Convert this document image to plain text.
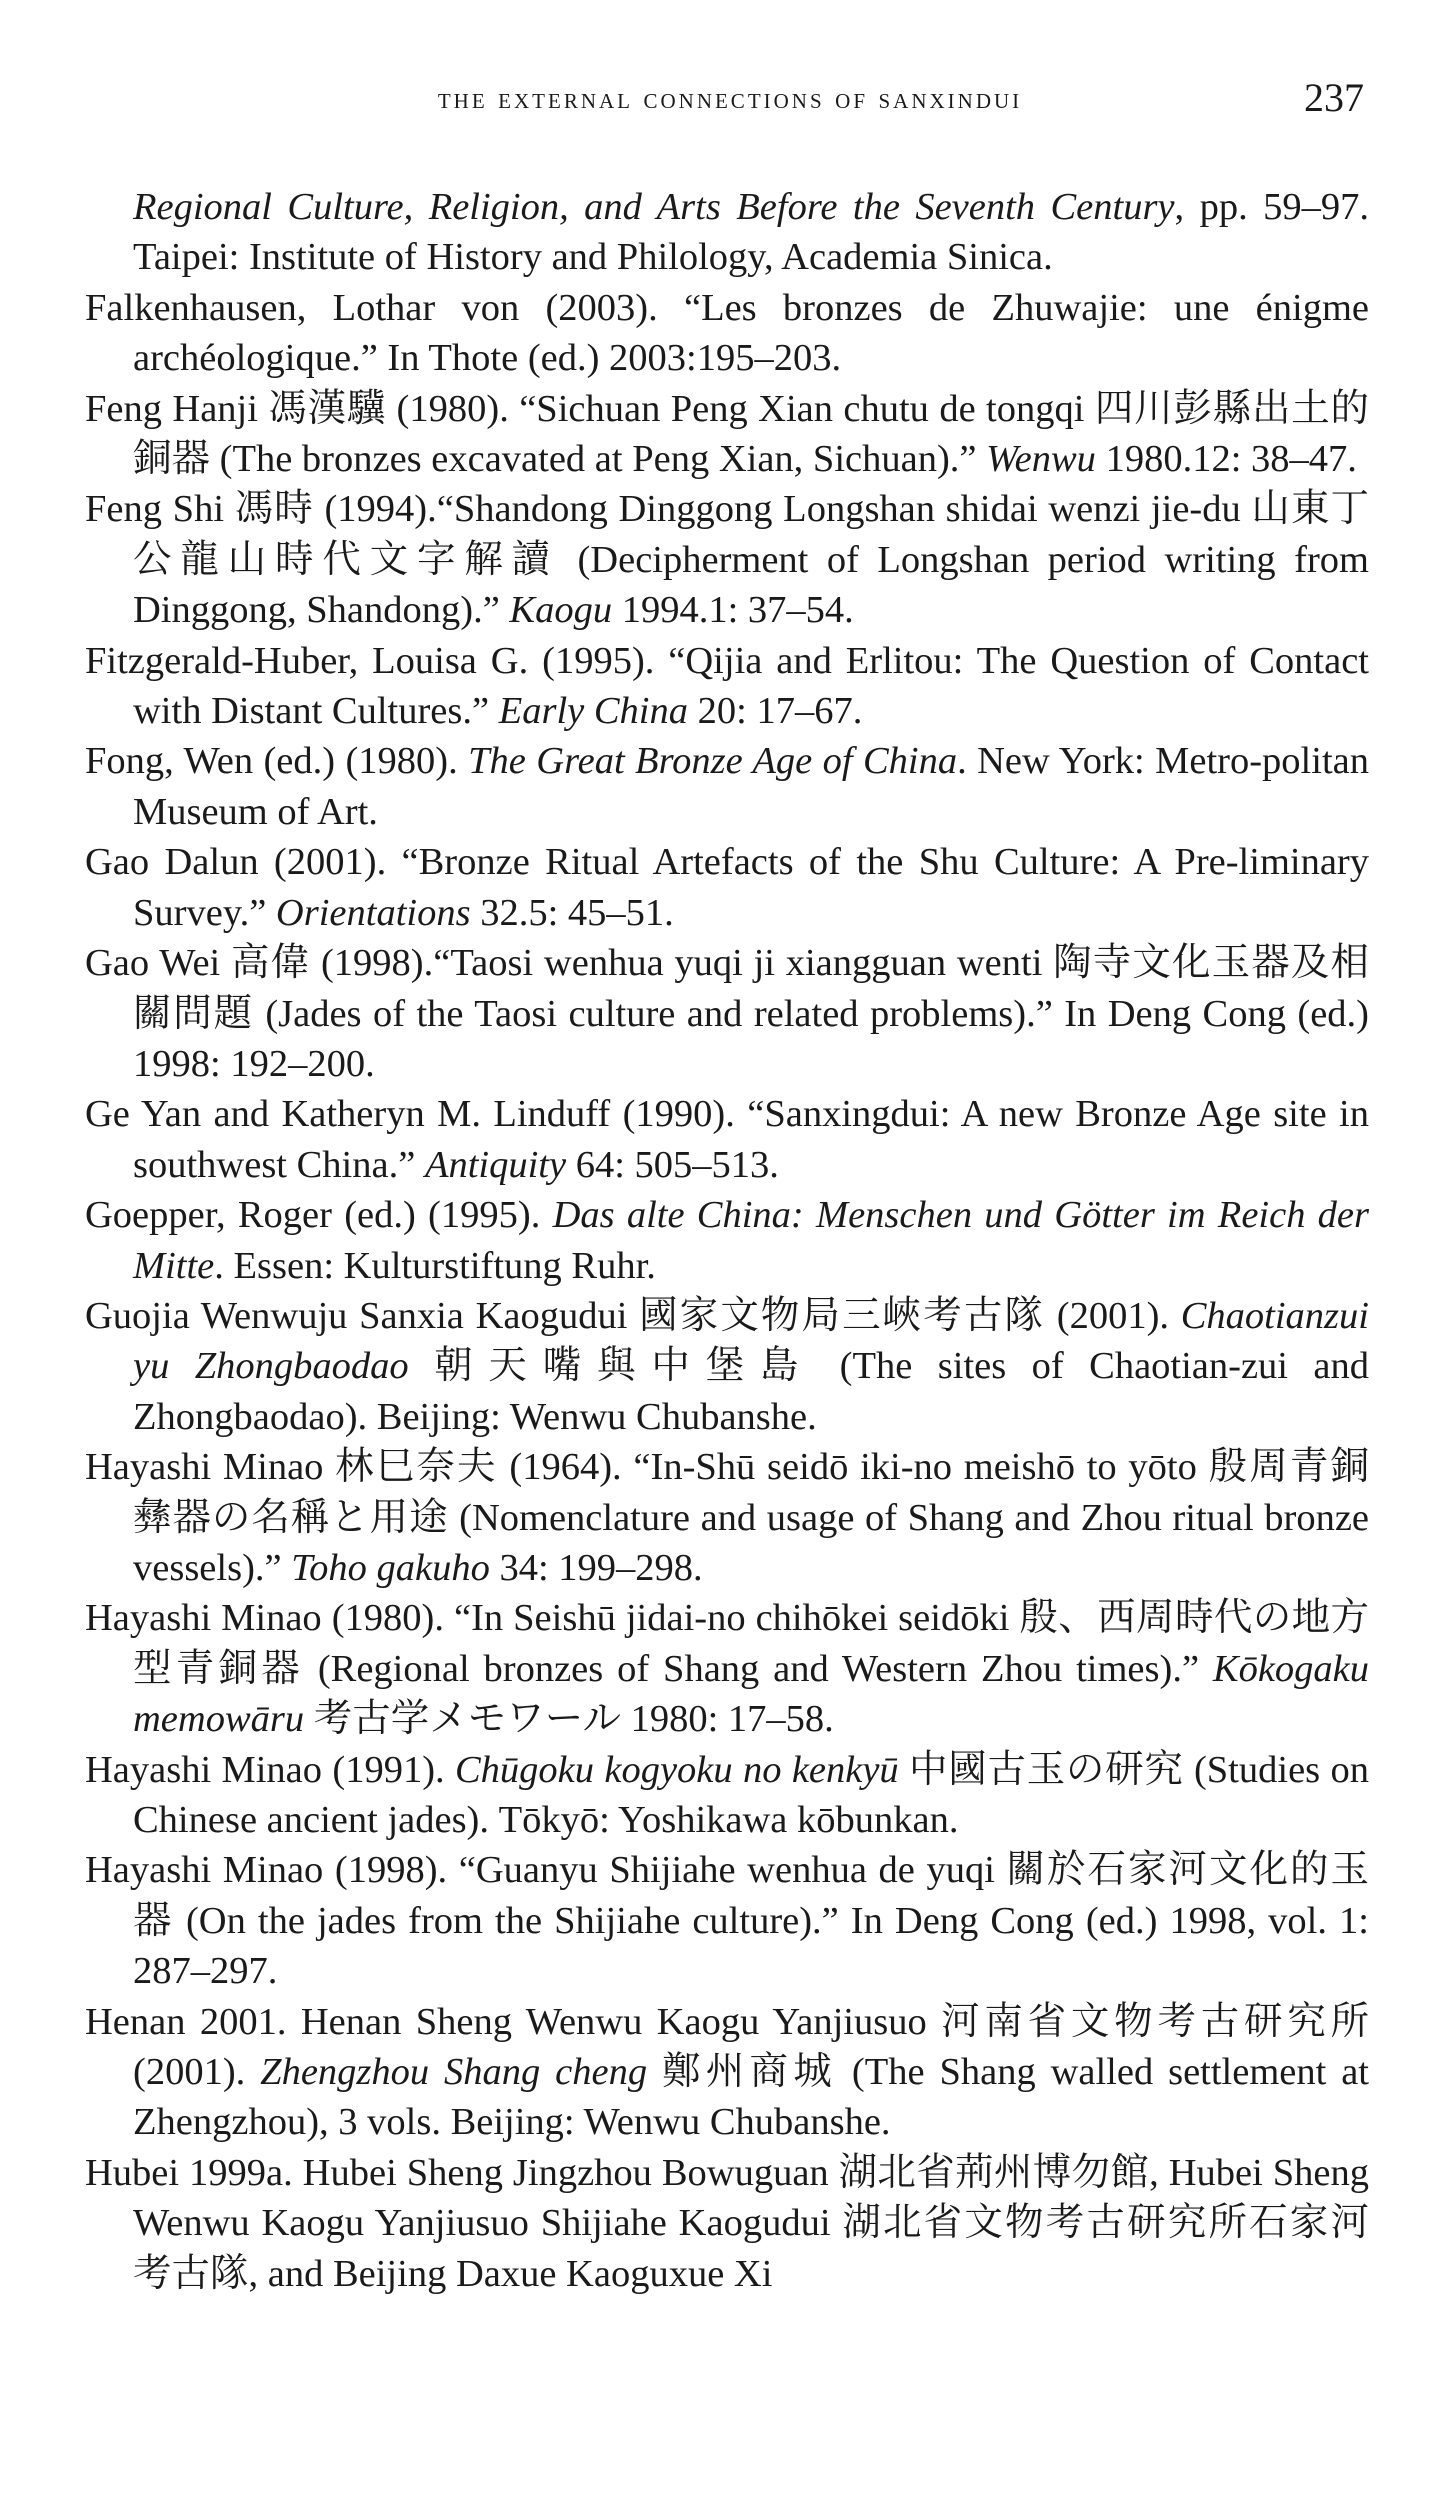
the external connections of sanxindui	237
Regional Culture, Religion, and Arts Before the Seventh Century, pp. 59–97. Taipei: Institute of History and Philology, Academia Sinica.
Falkenhausen, Lothar von (2003). “Les bronzes de Zhuwajie: une énigme archéologique.” In Thote (ed.) 2003:195–203.
Feng Hanji 馮漢驥 (1980). “Sichuan Peng Xian chutu de tongqi 四川彭縣出土的銅器 (The bronzes excavated at Peng Xian, Sichuan).” Wenwu 1980.12: 38–47.
Feng Shi 馮時 (1994).“Shandong Dinggong Longshan shidai wenzi jie-du 山東丁公龍山時代文字解讀 (Decipherment of Longshan period writing from Dinggong, Shandong).” Kaogu 1994.1: 37–54.
Fitzgerald-Huber, Louisa G. (1995). “Qijia and Erlitou: The Question of Contact with Distant Cultures.” Early China 20: 17–67.
Fong, Wen (ed.) (1980). The Great Bronze Age of China. New York: Metro-politan Museum of Art.
Gao Dalun (2001). “Bronze Ritual Artefacts of the Shu Culture: A Pre-liminary Survey.” Orientations 32.5: 45–51.
Gao Wei 高偉 (1998).“Taosi wenhua yuqi ji xiangguan wenti 陶寺文化玉器及相關問題 (Jades of the Taosi culture and related problems).” In Deng Cong (ed.) 1998: 192–200.
Ge Yan and Katheryn M. Linduff (1990). “Sanxingdui: A new Bronze Age site in southwest China.” Antiquity 64: 505–513.
Goepper, Roger (ed.) (1995). Das alte China: Menschen und Götter im Reich der Mitte. Essen: Kulturstiftung Ruhr.
Guojia Wenwuju Sanxia Kaogudui 國家文物局三峽考古隊 (2001). Chaotianzui yu Zhongbaodao 朝天嘴與中堡島 (The sites of Chaotian-zui and Zhongbaodao). Beijing: Wenwu Chubanshe.
Hayashi Minao 林巳奈夫 (1964). “In-Shū seidō iki-no meishō to yōto 殷周青銅彝器の名稱と用途 (Nomenclature and usage of Shang and Zhou ritual bronze vessels).” Toho gakuho 34: 199–298.
Hayashi Minao (1980). “In Seishū jidai-no chihōkei seidōki 殷、西周時代の地方型青銅器 (Regional bronzes of Shang and Western Zhou times).” Kōkogaku memowāru 考古学メモワール 1980: 17–58.
Hayashi Minao (1991). Chūgoku kogyoku no kenkyū 中國古玉の研究 (Studies on Chinese ancient jades). Tōkyō: Yoshikawa kōbunkan.
Hayashi Minao (1998). “Guanyu Shijiahe wenhua de yuqi 關於石家河文化的玉器 (On the jades from the Shijiahe culture).” In Deng Cong (ed.) 1998, vol. 1: 287–297.
Henan 2001. Henan Sheng Wenwu Kaogu Yanjiusuo 河南省文物考古研究所 (2001). Zhengzhou Shang cheng 鄭州商城 (The Shang walled settlement at Zhengzhou), 3 vols. Beijing: Wenwu Chubanshe.
Hubei 1999a. Hubei Sheng Jingzhou Bowuguan 湖北省荊州博勿館, Hubei Sheng Wenwu Kaogu Yanjiusuo Shijiahe Kaogudui 湖北省文物考古研究所石家河考古隊, and Beijing Daxue Kaoguxue Xi
